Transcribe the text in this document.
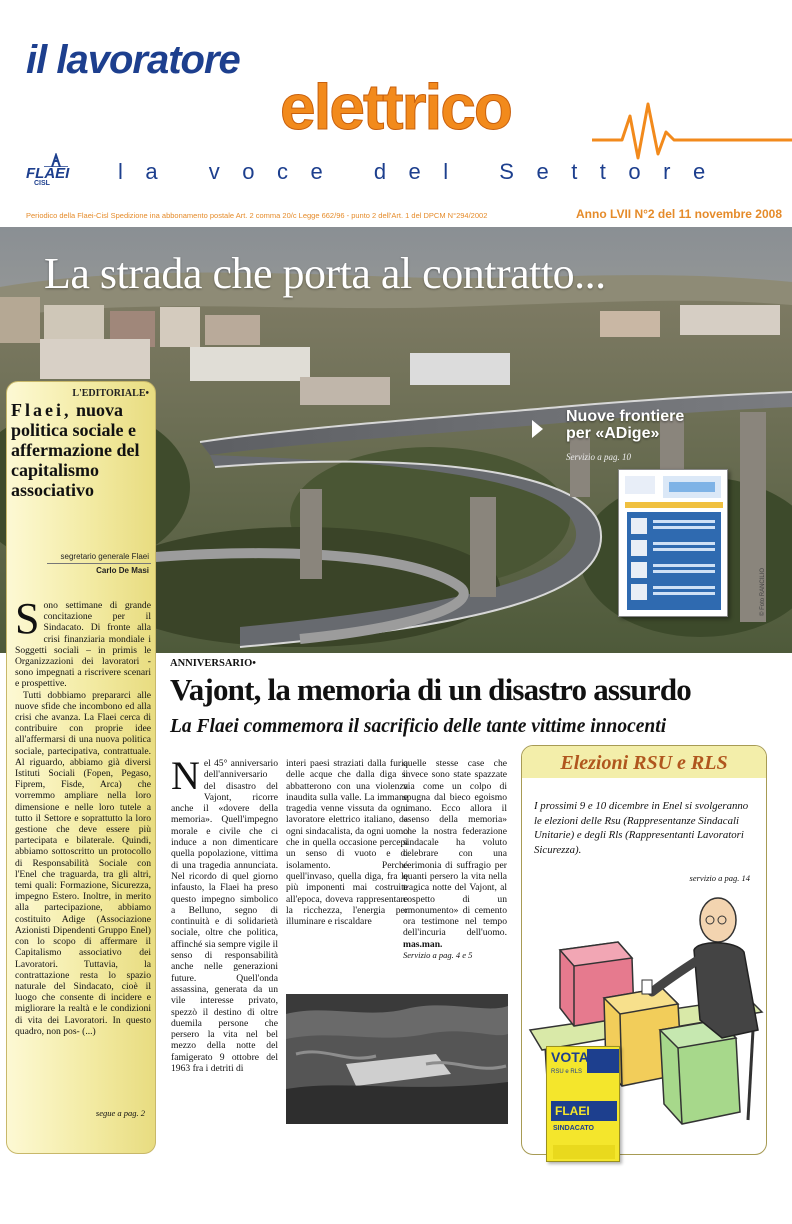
il lavoratore
elettrico
FLAEI
CISL	la voce del Settore
Periodico della Flaei-Cisl Spedizione ina abbonamento postale Art. 2 comma 20/c Legge 662/96 - punto 2 dell'Art. 1 del DPCM N°294/2002	Anno LVII N°2 del 11 novembre 2008
La strada che porta al contratto...
Nuove frontiere
per «ADige»
Servizio a pag. 10
© Foto RANCILIO
L'EDITORIALE•
Flaei, nuova politica sociale e affermazione del capitalismo associativo
segretario generale Flaei
Carlo De Masi

Sono settimane di grande concitazione per il Sindacato. Di fronte alla crisi finanziaria mondiale i Soggetti sociali – in primis le Organizzazioni dei lavoratori - sono impegnati a riscrivere scenari e prospettive.

Tutti dobbiamo prepararci alle nuove sfide che incombono ed alla crisi che avanza. La Flaei cerca di contribuire con proprie idee all'affermarsi di una nuova politica sociale, partecipativa, contrattuale. Al riguardo, abbiamo già diversi Istituti Sociali (Fopen, Pegaso, Fiprem, Fisde, Arca) che vorremmo ampliare nella loro dimensione e nelle loro tutele a tutto il Settore e soprattutto la loro gestione che deve essere più partecipata e bilaterale. Quindi, abbiamo sottoscritto un protocollo di Responsabilità Sociale con l'Enel che traguarda, tra gli altri, temi quali: Formazione, Sicurezza, impegno Estero. Inoltre, in merito alla partecipazione, abbiamo costituito Adige (Associazione Azionisti Dipendenti Gruppo Enel) con lo scopo di affermare il Capitalismo associativo dei Lavoratori. Tuttavia, la contrattazione resta lo spazio naturale del Sindacato, cioè il luogo che consente di incidere e migliorare la realtà e le condizioni di vita dei Lavoratori. In questo quadro, non pos- (...)

segue a pag. 2
ANNIVERSARIO•
Vajont, la memoria di un disastro assurdo
La Flaei commemora il sacrificio delle tante vittime innocenti
Nel 45° anniversario dell'anniversario del disastro del Vajont, ricorre anche il «dovere della memoria». Quell'impegno morale e civile che ci induce a non dimenticare quella popolazione, vittima di una tragedia annunciata. Nel ricordo di quel giorno infausto, la Flaei ha preso questo impegno simbolico a Belluno, segno di continuità e di solidarietà sociale, oltre che politica, affinché sia sempre vigile il senso di responsabilità anche nelle generazioni future. Quell'onda assassina, generata da un vile interesse privato, spezzò il destino di oltre duemila persone che persero la vita nel bel mezzo della notte del famigerato 9 ottobre del 1963 fra i detriti di
interi paesi straziati dalla furia delle acque che dalla diga si abbatterono con una violenza inaudita sulla valle. La immane tragedia venne vissuta da ogni lavoratore elettrico italiano, da ogni sindacalista, da ogni uomo che in quella occasione percepì un senso di vuoto e di isolamento. Perché quell'invaso, quella diga, fra le più imponenti mai costruite all'epoca, doveva rappresentare la ricchezza, l'energia per illuminare e riscaldare
quelle stesse case che invece sono state spazzate via come un colpo di spugna dal bieco egoismo umano. Ecco allora il «senso della memoria» che la nostra federazione sindacale ha voluto celebrare con una cerimonia di suffragio per quanti persero la vita nella tragica notte del Vajont, al cospetto di un «monumento» di cemento ora testimone nel tempo dell'incuria dell'uomo. mas.man.
Servizio a pag. 4 e 5
Elezioni RSU e RLS
I prossimi 9 e 10 dicembre in Enel si svolgeranno le elezioni delle Rsu (Rappresentanze Sindacali Unitarie) e degli Rls (Rappresentanti Lavoratori Sicurezza).
servizio a pag. 14
VOTA
RSU e RLS
FLAEI
SINDACATO
